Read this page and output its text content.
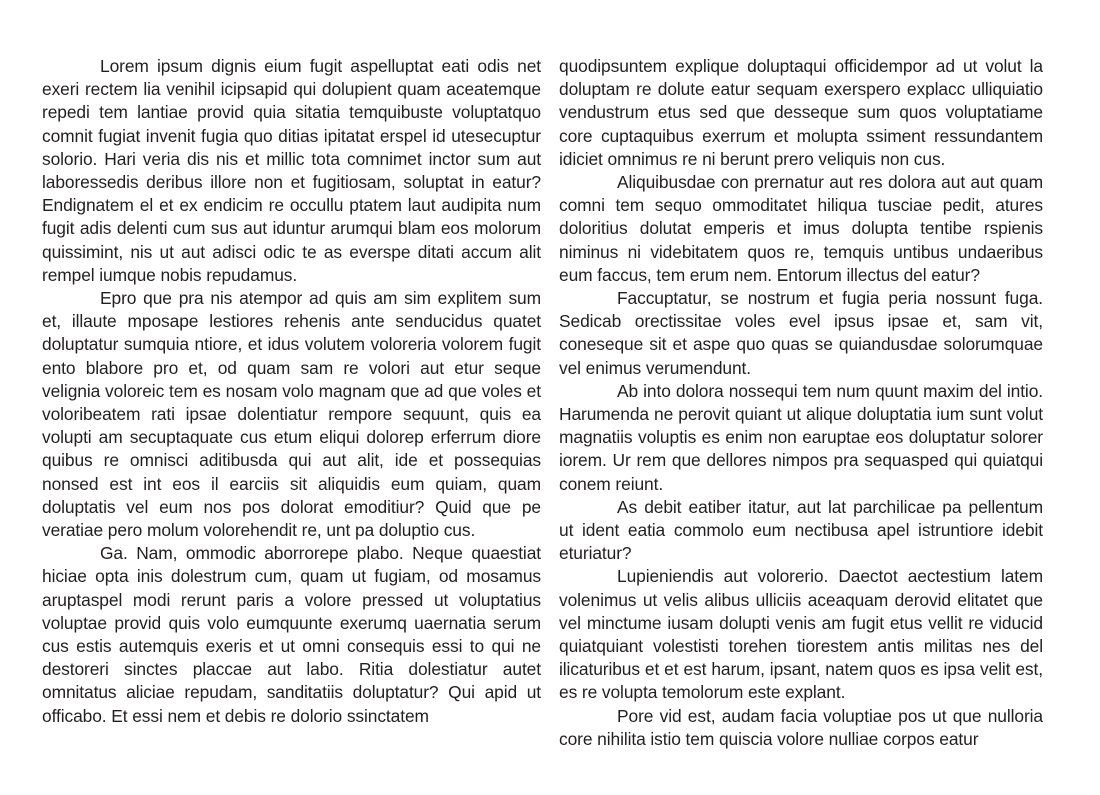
Lorem ipsum dignis eium fugit aspelluptat eati odis net exeri rectem lia venihil icipsapid qui dolupient quam aceatemque repedi tem lantiae provid quia sitatia temquibuste voluptatquo comnit fugiat invenit fugia quo ditias ipitatat erspel id utesecuptur solorio. Hari veria dis nis et millic tota comnimet inctor sum aut laboressedis deribus illore non et fugitiosam, soluptat in eatur? Endignatem el et ex endicim re occullu ptatem laut audipita num fugit adis delenti cum sus aut iduntur arumqui blam eos molorum quissimint, nis ut aut adisci odic te as everspe ditati accum alit rempel iumque nobis repudamus.

Epro que pra nis atempor ad quis am sim explitem sum et, illaute mposape lestiores rehenis ante senducidus quatet doluptatur sumquia ntiore, et idus volutem voloreria volorem fugit ento blabore pro et, od quam sam re volori aut etur seque velignia voloreic tem es nosam volo magnam que ad que voles et voloribeatem rati ipsae dolentiatur rempore sequunt, quis ea volupti am secuptaquate cus etum eliqui dolorep erferrum diore quibus re omnisci aditibusda qui aut alit, ide et possequias nonsed est int eos il earciis sit aliquidis eum quiam, quam doluptatis vel eum nos pos dolorat emoditiur? Quid que pe veratiae pero molum volorehendit re, unt pa doluptio cus.

Ga. Nam, ommodic aborrorepe plabo. Neque quaestiat hiciae opta inis dolestrum cum, quam ut fugiam, od mosamus aruptaspel modi rerunt paris a volore pressed ut voluptatius voluptae provid quis volo eumquunte exerumq uaernatia serum cus estis autemquis exeris et ut omni consequis essi to qui ne destoreri sinctes placcae aut labo. Ritia dolestiatur autet omnitatus aliciae repudam, sanditatiis doluptatur? Qui apid ut officabo. Et essi nem et debis re dolorio ssinctatem

quodipsuntem explique doluptaqui officidempor ad ut volut la doluptam re dolute eatur sequam exerspero explacc ulliquiatio vendustrum etus sed que desseque sum quos voluptatiame core cuptaquibus exerrum et molupta ssiment ressundantem idiciet omnimus re ni berunt prero veliquis non cus.

Aliquibusdae con prernatur aut res dolora aut aut quam comni tem sequo ommoditatet hiliqua tusciae pedit, atures doloritius dolutat emperis et imus dolupta tentibe rspienis niminus ni videbitatem quos re, temquis untibus undaeribus eum faccus, tem erum nem. Entorum illectus del eatur?

Faccuptatur, se nostrum et fugia peria nossunt fuga. Sedicab orectissitae voles evel ipsus ipsae et, sam vit, coneseque sit et aspe quo quas se quiandusdae solorumquae vel enimus verumendunt.

Ab into dolora nossequi tem num quunt maxim del intio. Harumenda ne perovit quiant ut alique doluptatia ium sunt volut magnatiis voluptis es enim non earuptae eos doluptatur solorer iorem. Ur rem que dellores nimpos pra sequasped qui quiatqui conem reiunt.

As debit eatiber itatur, aut lat parchilicae pa pellentum ut ident eatia commolo eum nectibusa apel istruntiore idebit eturiatur?

Lupieniendis aut volorerio. Daectot aectestium latem volenimus ut velis alibus ulliciis aceaquam derovid elitatet que vel minctume iusam dolupti venis am fugit etus vellit re viducid quiatquiant volestisti torehen tiorestem antis militas nes del ilicaturibus et et est harum, ipsant, natem quos es ipsa velit est, es re volupta temolorum este explant.

Pore vid est, audam facia voluptiae pos ut que nulloria core nihilita istio tem quiscia volore nulliae corpos eatur
